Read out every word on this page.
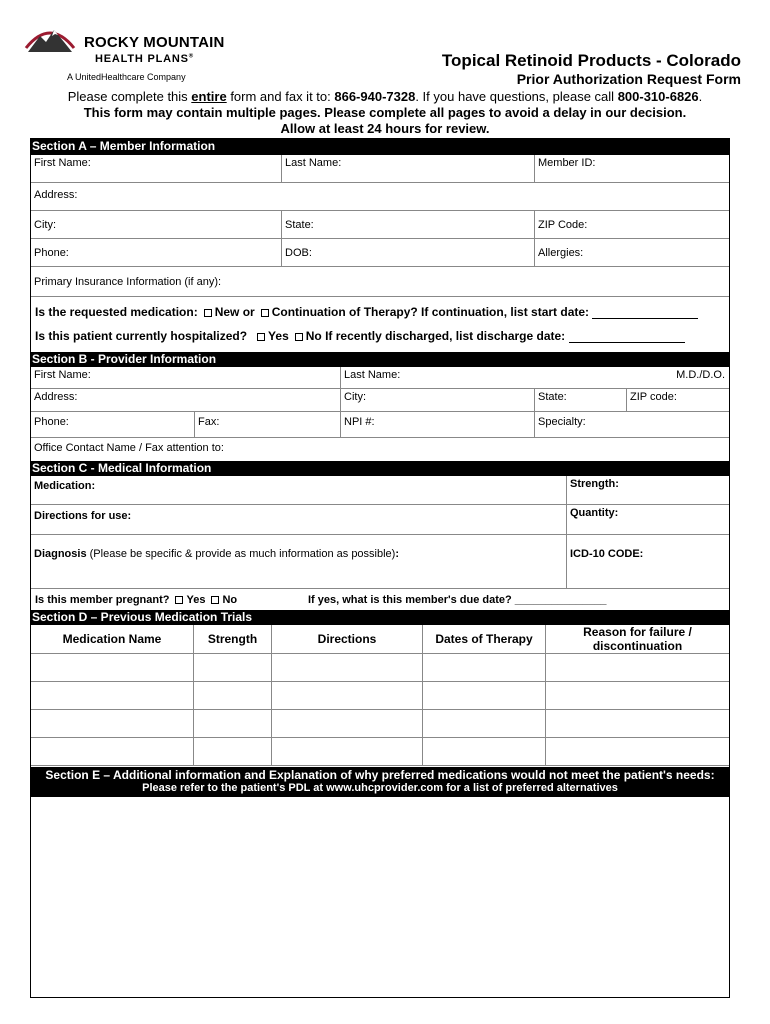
ROCKY MOUNTAIN
HEALTH PLANS®
A UnitedHealthcare Company
Topical Retinoid Products - Colorado
Prior Authorization Request Form
Please complete this entire form and fax it to: 866-940-7328. If you have questions, please call 800-310-6826.
This form may contain multiple pages. Please complete all pages to avoid a delay in our decision.
Allow at least 24 hours for review.
Section A – Member Information
First Name:	Last Name:	Member ID:
Address:
City:	State:	ZIP Code:
Phone:	DOB:	Allergies:
Primary Insurance Information (if any):
Is the requested medication: New or Continuation of Therapy? If continuation, list start date:
Is this patient currently hospitalized? Yes No If recently discharged, list discharge date:
Section B - Provider Information
First Name:	Last Name:	M.D./D.O.
Address:	City:	State:	ZIP code:
Phone:	Fax:	NPI #:	Specialty:
Office Contact Name / Fax attention to:
Section C - Medical Information
Medication:	Strength:
Directions for use:	Quantity:
Diagnosis (Please be specific & provide as much information as possible):	ICD-10 CODE:
Is this member pregnant? Yes No	If yes, what is this member's due date? _______________
Section D – Previous Medication Trials
Medication Name	Strength	Directions	Dates of Therapy	Reason for failure / discontinuation
Section E – Additional information and Explanation of why preferred medications would not meet the patient's needs:
Please refer to the patient's PDL at www.uhcprovider.com for a list of preferred alternatives
